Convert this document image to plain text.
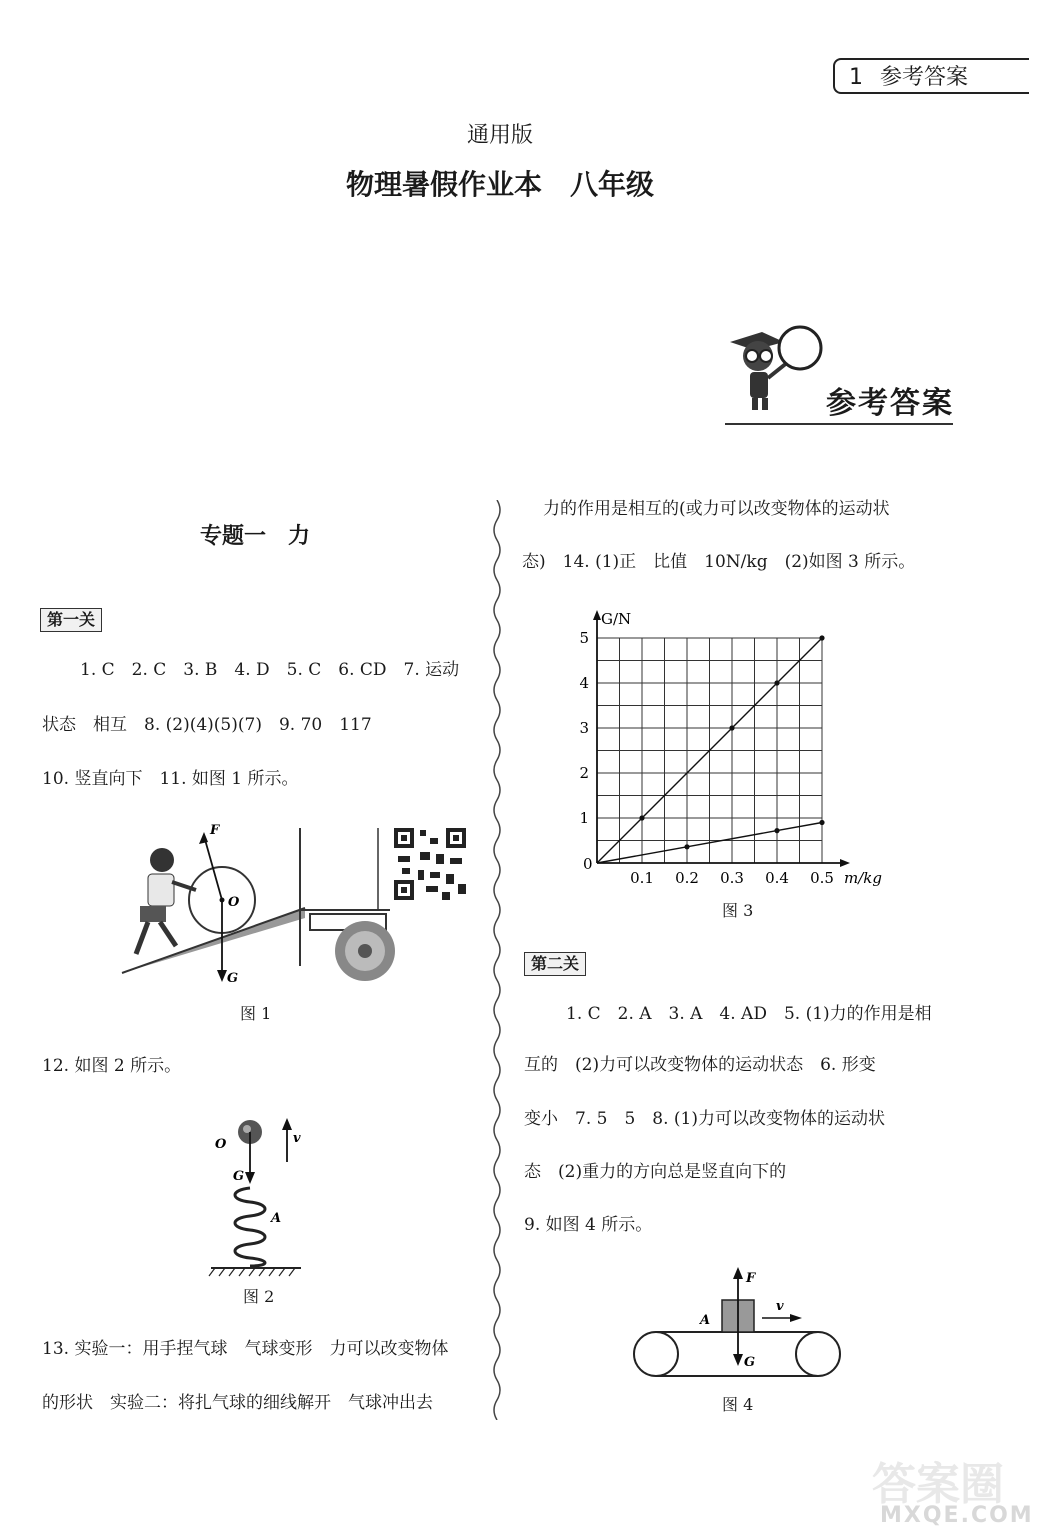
1 参考答案
通用版
物理暑假作业本　八年级
参考答案
专题一　力
第一关
1. C　2. C　3. B　4. D　5. C　6. CD　7. 运动
状态　相互　8. (2)(4)(5)(7)　9. 70　117
10. 竖直向下　11. 如图 1 所示。
F
O
G
图 1
12. 如图 2 所示。
O
G
v
A
图 2
13. 实验一：用手捏气球　气球变形　力可以改变物体
的形状　实验二：将扎气球的细线解开　气球冲出去
力的作用是相互的(或力可以改变物体的运动状
态)　14. (1)正　比值　10N/kg　(2)如图 3 所示。
0.1 0.2 0.3 0.4 0.5
1
2
3
4
5
G/N
m/kg
0
图 3
第二关
1. C　2. A　3. A　4. AD　5. (1)力的作用是相
互的　(2)力可以改变物体的运动状态　6. 形变
变小　7. 5　5　8. (1)力可以改变物体的运动状
态　(2)重力的方向总是竖直向下的
9. 如图 4 所示。
F
A
v
G
图 4
答案圈
MXQE.COM
